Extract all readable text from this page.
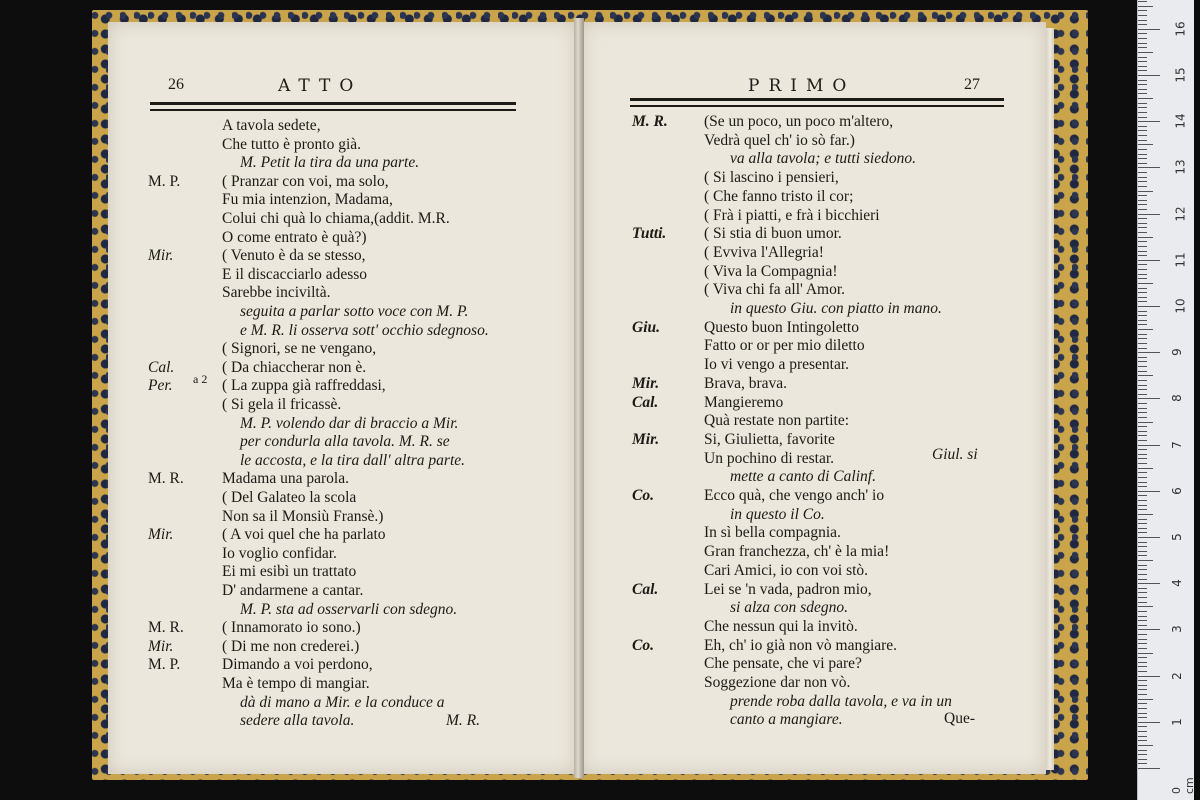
26	ATTO	PRIMO	27
A tavola sedete,
Che tutto è pronto già.
M. Petit la tira da una parte.
M. P.	( Pranzar con voi, ma solo,
Fu mia intenzion, Madama,
Colui chi quà lo chiama,(addit. M.R.
O come entrato è quà?)
Mir.	( Venuto è da se stesso,
E il discacciarlo adesso
Sarebbe inciviltà.
seguita a parlar sotto voce con M. P.
e M. R. li osserva sott' occhio sdegnoso.
( Signori, se ne vengano,
Cal.	( Da chiaccherar non è.
Per.	( La zuppa già raffreddasi,
( Si gela il fricassè.
M. P. volendo dar di braccio a Mir.
per condurla alla tavola. M. R. se
le accosta, e la tira dall' altra parte.
M. R. Madama una parola.
( Del Galateo la scola
Non sa il Monsiù Fransè.)
Mir.	( A voi quel che ha parlato
Io voglio confidar.
Ei mi esibì un trattato
D' andarmene a cantar.
M. P. sta ad osservarli con sdegno.
M. R. ( Innamorato io sono.)
Mir.	( Di me non crederei.)
M. P.	Dimando a voi perdono,
Ma è tempo di mangiar.
dà di mano a Mir. e la conduce a
sedere alla tavola.
M. R. (Se un poco, un poco m'altero,
Vedrà quel ch' io sò far.)
va alla tavola; e tutti siedono.
( Si lascino i pensieri,
( Che fanno tristo il cor;
( Frà i piatti, e frà i bicchieri
Tutti. ( Si stia di buon umor.
( Evviva l'Allegria!
( Viva la Compagnia!
( Viva chi fa all' Amor.
in questo Giu. con piatto in mano.
Giu.	Questo buon Intingoletto
Fatto or or per mio diletto
Io vi vengo a presentar.
Mir.	Brava, brava.
Cal.	Mangieremo
Quà restate non partite:
Mir.	Si, Giulietta, favorite
Un pochino di restar.
mette a canto di Calinf.
Co.	Ecco quà, che vengo anch' io
in questo il Co.
In sì bella compagnia.
Gran franchezza, ch' è la mia!
Cari Amici, io con voi stò.
Cal.	Lei se 'n vada, padron mio,
si alza con sdegno.
Che nessun qui la invitò.
Co.	Eh, ch' io già non vò mangiare.
Che pensate, che vi pare?
Soggezione dar non vò.
prende roba dalla tavola, e va in un
canto a mangiare.
a 2
M. R.
Giul. si
Que-
0 cm
1
2
3
4
5
6
7
8
9
10
11
12
13
14
15
16
